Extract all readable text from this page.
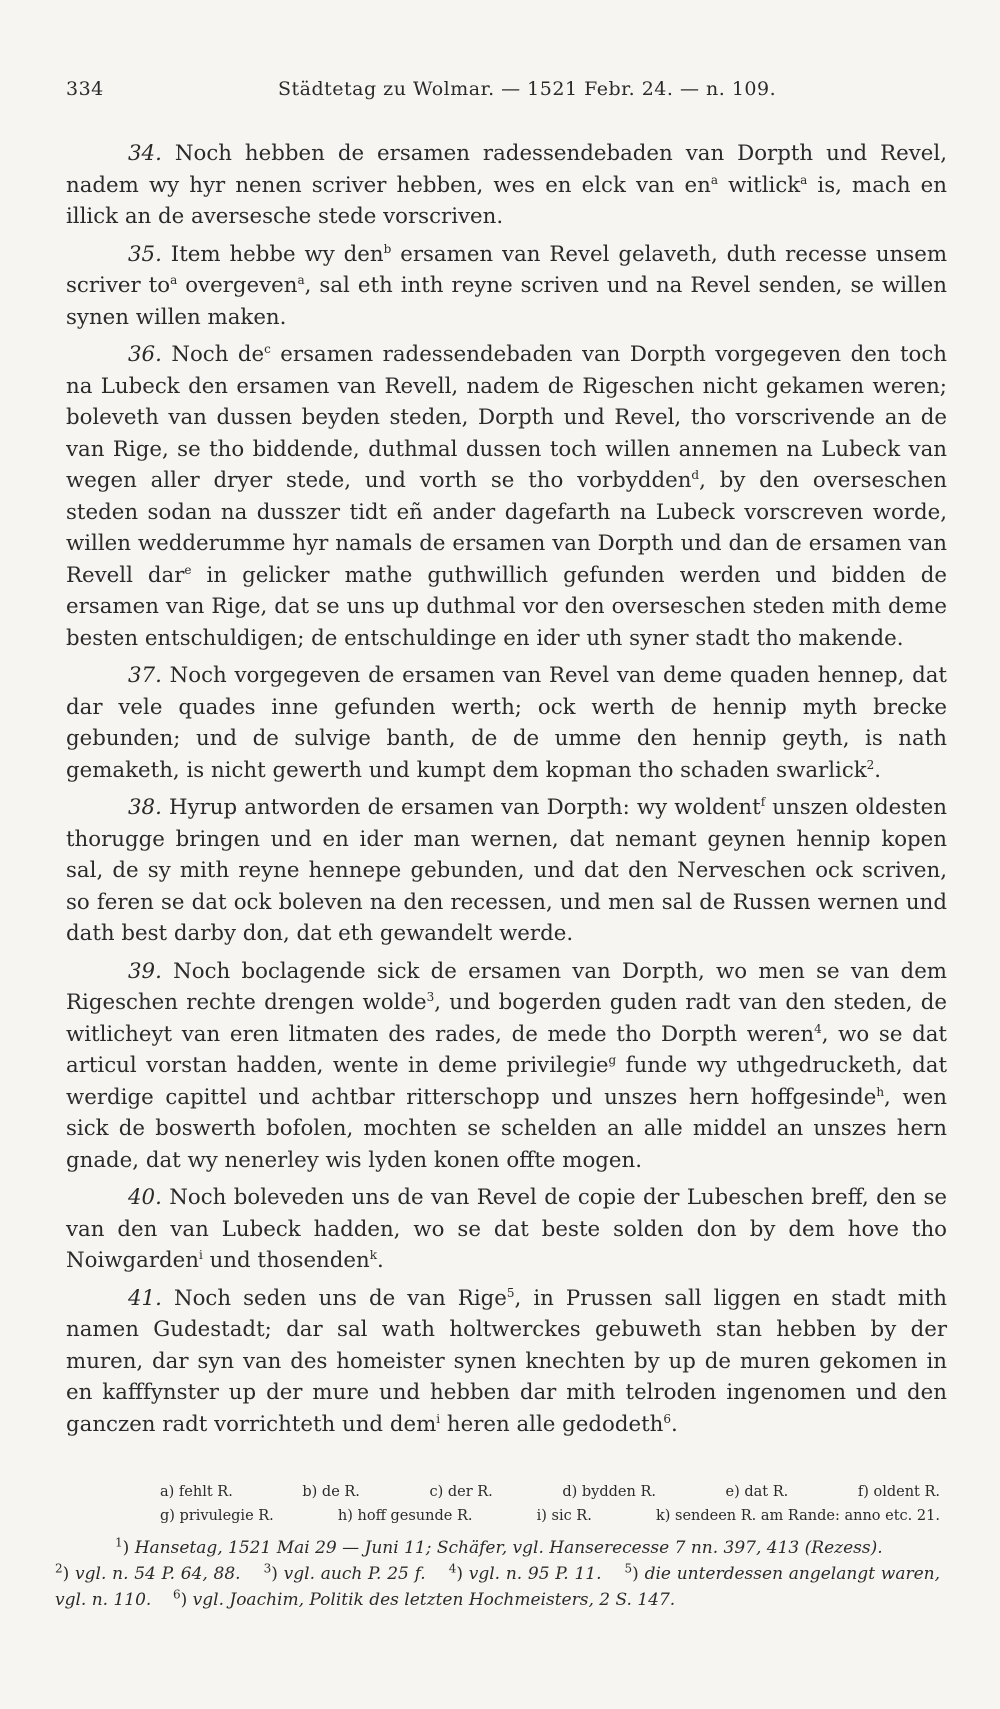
334	Städtetag zu Wolmar. — 1521 Febr. 24. — n. 109.

34. Noch hebben de ersamen radessendebaden van Dorpth und Revel, nadem wy hyr nenen scriver hebben, wes en elck van $en^a$ witlick$^a$ is, mach en illick an de aversesche stede vorscriven.

35. Item hebbe wy den$^b$ ersamen van Revel gelaveth, duth recesse unsem scriver $to^a$ overgeven$^a$, sal eth inth reyne scriven und na Revel senden, se willen synen willen maken.

36. Noch $de^c$ ersamen radessendebaden van Dorpth vorgegeven den toch na Lubeck den ersamen van Revell, nadem de Rigeschen nicht gekamen weren; boleveth van dussen beyden steden, Dorpth und Revel, tho vorscrivende an de van Rige, se tho biddende, duthmal dussen toch willen annemen na Lubeck van wegen aller dryer stede, und vorth se tho vorbydden$^d$, by den overseschen steden sodan na dusszer tidt eñ ander dagefarth na Lubeck vorscreven worde, willen wedderumme hyr namals de ersamen van Dorpth und dan de ersamen van Revell dar$^e$ in gelicker mathe guthwillich gefunden werden und bidden de ersamen van Rige, dat se uns up duthmal vor den overseschen steden mith deme besten entschuldigen; de entschuldinge en ider uth syner stadt tho makende.

37. Noch vorgegeven de ersamen van Revel van deme quaden hennep, dat dar vele quades inne gefunden werth; ock werth de hennip myth brecke gebunden; und de sulvige banth, de de umme den hennip geyth, is nath gemaketh, is nicht gewerth und kumpt dem kopman tho schaden swarlick$^2$.

38. Hyrup antworden de ersamen van Dorpth: wy woldent$^f$ unszen oldesten thorugge bringen und en ider man wernen, dat nemant geynen hennip kopen sal, de sy mith reyne hennepe gebunden, und dat den Nerveschen ock scriven, so feren se dat ock boleven na den recessen, und men sal de Russen wernen und dath best darby don, dat eth gewandelt werde.

39. Noch boclagende sick de ersamen van Dorpth, wo men se van dem Rigeschen rechte drengen wolde$^3$, und bogerden guden radt van den steden, de witlicheyt van eren litmaten des rades, de mede tho Dorpth weren$^4$, wo se dat articul vorstan hadden, wente in deme privilegie$^g$ funde wy uthgedrucketh, dat werdige capittel und achtbar ritterschopp und unszes hern hoffgesinde$^h$, wen sick de boswerth bofolen, mochten se schelden an alle middel an unszes hern gnade, dat wy nenerley wis lyden konen offte mogen.

40. Noch boleveden uns de van Revel de copie der Lubeschen breff, den se van den van Lubeck hadden, wo se dat beste solden don by dem hove tho Noiwgarden$^i$ und thosenden$^k$.

41. Noch seden uns de van Rige$^5$, in Prussen sall liggen en stadt mith namen Gudestadt; dar sal wath holtwerckes gebuweth stan hebben by der muren, dar syn van des homeister synen knechten by up de muren gekomen in en kafffynster up der mure und hebben dar mith telroden ingenomen und den ganczen radt vorrichteth und dem$^i$ heren alle gedodeth$^6$.

a) fehlt R.	b) de R.	c) der R.	d) bydden R.	e) dat R.	f) oldent R.
g) privulegie R.	h) hoff gesunde R.	i) sic R.	k) sendeen R. am Rande: anno etc. 21.

$^1$) Hansetag, 1521 Mai 29 — Juni 11; Schäfer, vgl. Hanserecesse 7 nn. 397, 413 (Rezess).

$^2$) vgl. n. 54 P. 64, 88. $^3$) vgl. auch P. 25 f. $^4$) vgl. n. 95 P. 11. $^5$) die unterdessen angelangt waren, vgl. n. 110. $^6$) vgl. Joachim, Politik des letzten Hochmeisters, 2 S. 147.
